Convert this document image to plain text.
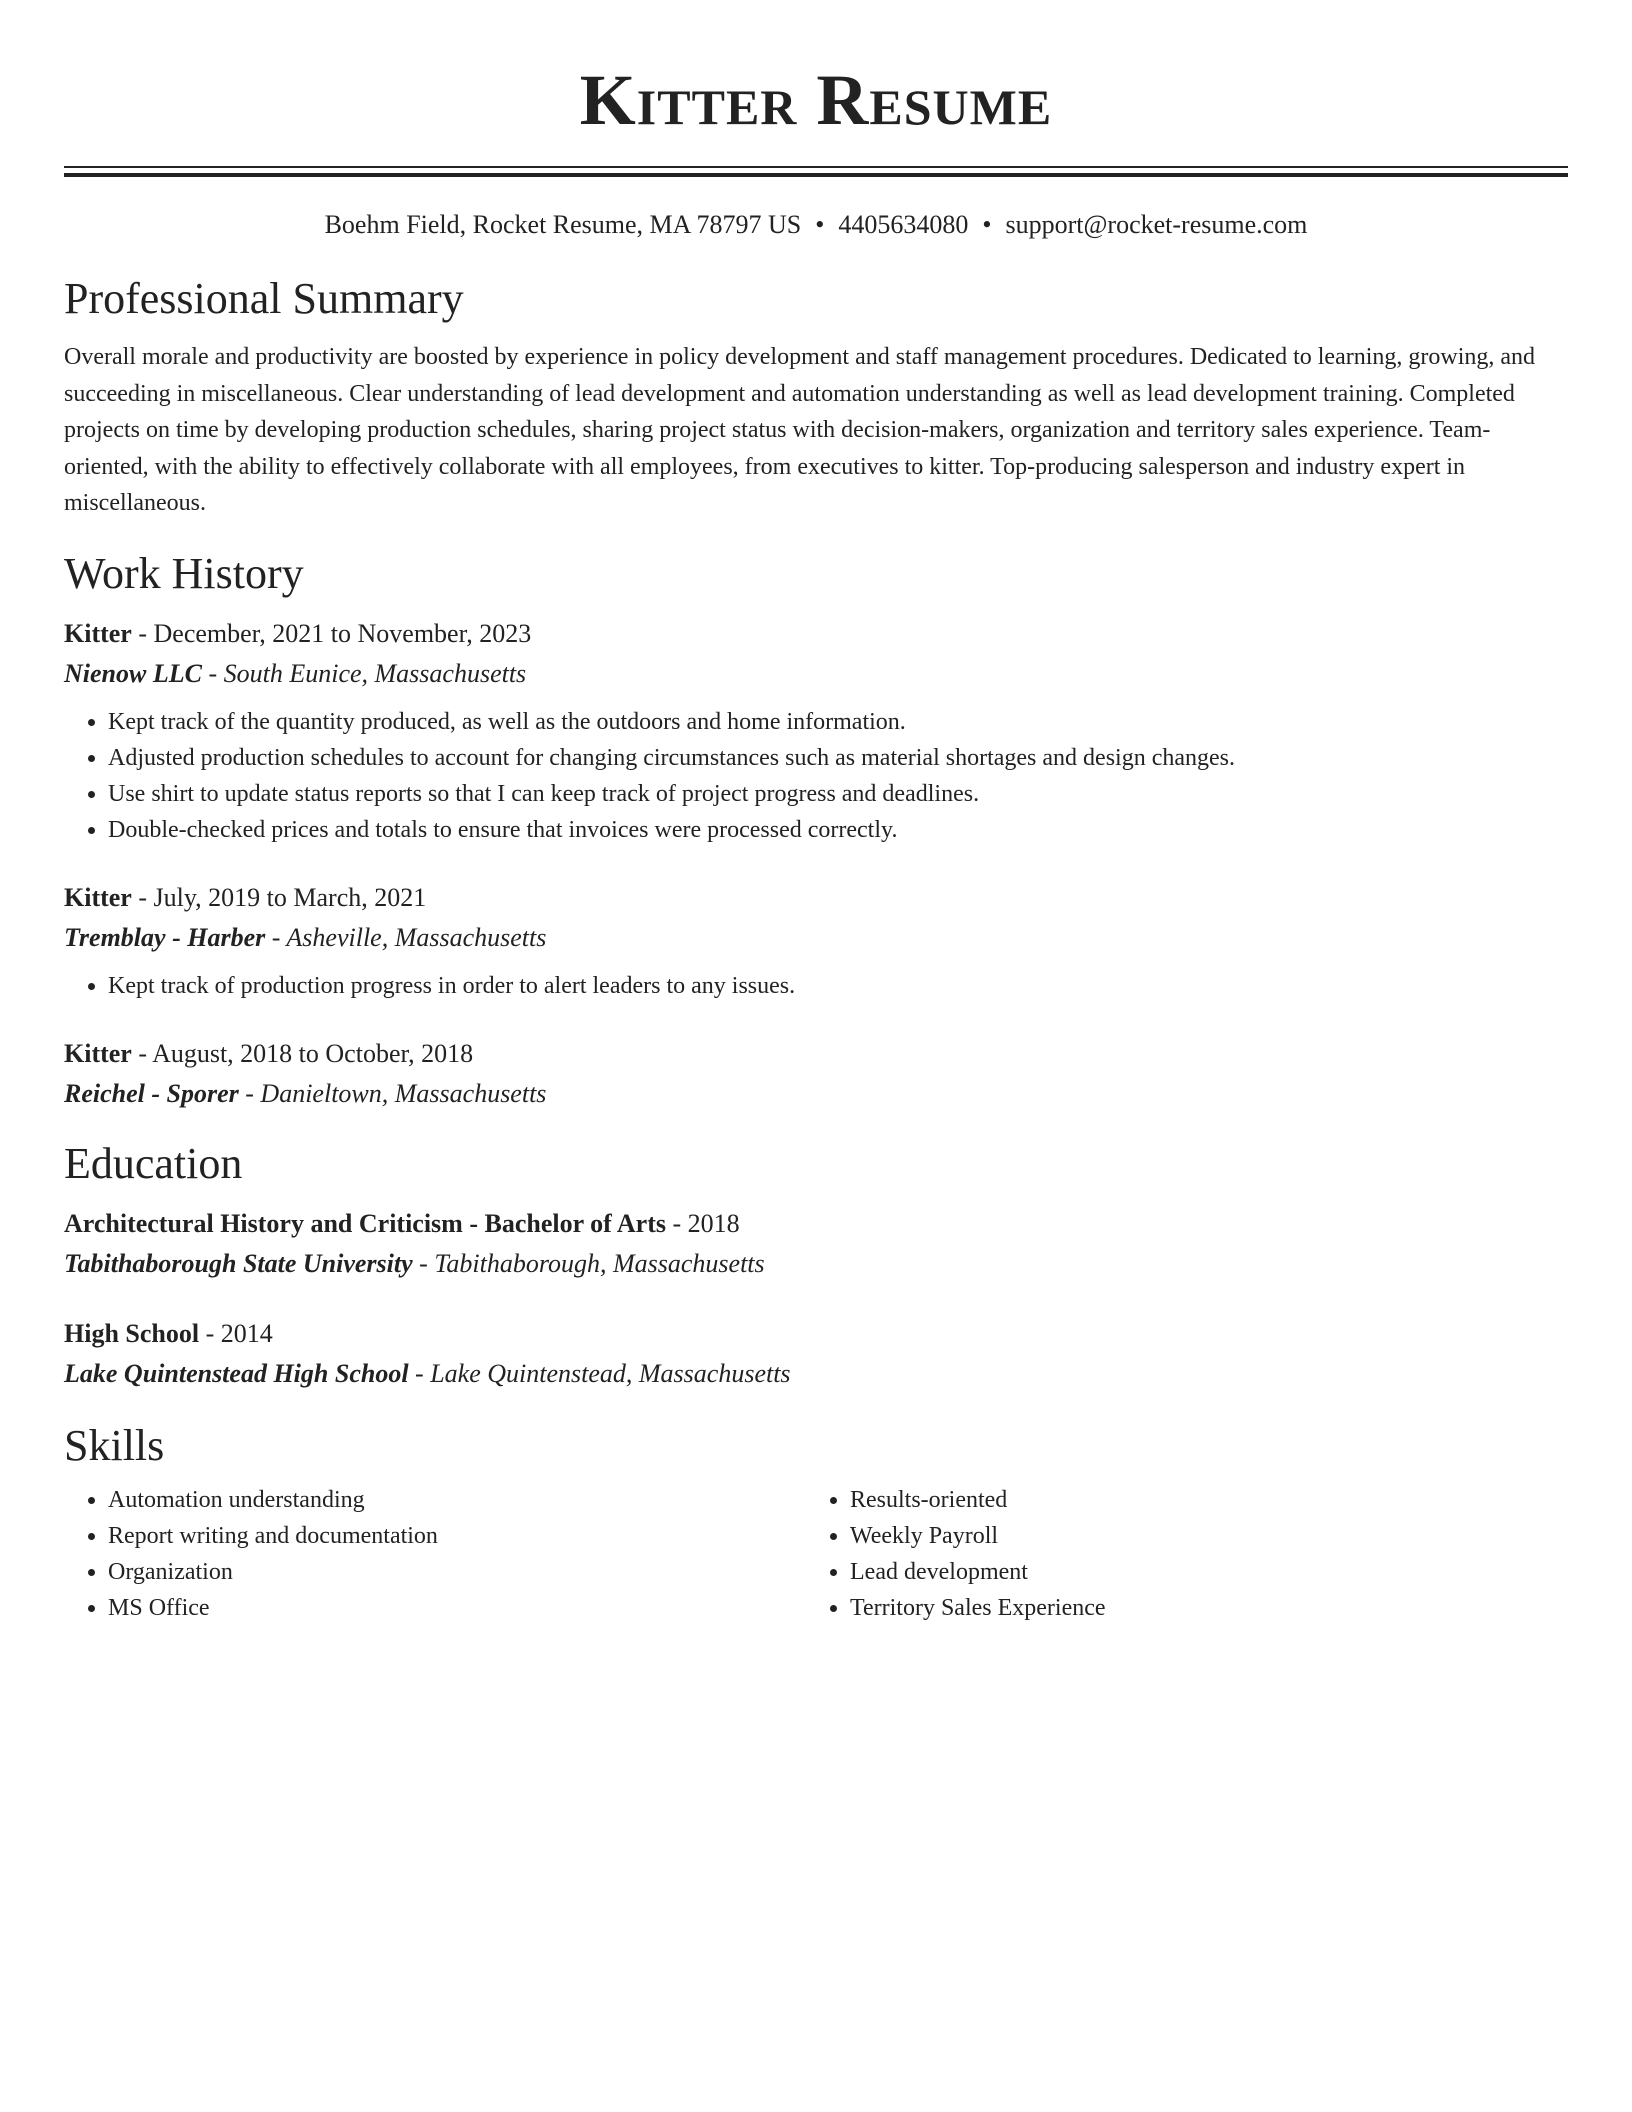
Kitter Resume
Boehm Field, Rocket Resume, MA 78797 US • 4405634080 • support@rocket-resume.com
Professional Summary
Overall morale and productivity are boosted by experience in policy development and staff management procedures. Dedicated to learning, growing, and succeeding in miscellaneous. Clear understanding of lead development and automation understanding as well as lead development training. Completed projects on time by developing production schedules, sharing project status with decision-makers, organization and territory sales experience. Team-oriented, with the ability to effectively collaborate with all employees, from executives to kitter. Top-producing salesperson and industry expert in miscellaneous.
Work History
Kitter - December, 2021 to November, 2023
Nienow LLC - South Eunice, Massachusetts
• Kept track of the quantity produced, as well as the outdoors and home information.
• Adjusted production schedules to account for changing circumstances such as material shortages and design changes.
• Use shirt to update status reports so that I can keep track of project progress and deadlines.
• Double-checked prices and totals to ensure that invoices were processed correctly.
Kitter - July, 2019 to March, 2021
Tremblay - Harber - Asheville, Massachusetts
• Kept track of production progress in order to alert leaders to any issues.
Kitter - August, 2018 to October, 2018
Reichel - Sporer - Danieltown, Massachusetts
Education
Architectural History and Criticism - Bachelor of Arts - 2018
Tabithaborough State University - Tabithaborough, Massachusetts
High School - 2014
Lake Quintenstead High School - Lake Quintenstead, Massachusetts
Skills
• Automation understanding
• Report writing and documentation
• Organization
• MS Office
• Results-oriented
• Weekly Payroll
• Lead development
• Territory Sales Experience
